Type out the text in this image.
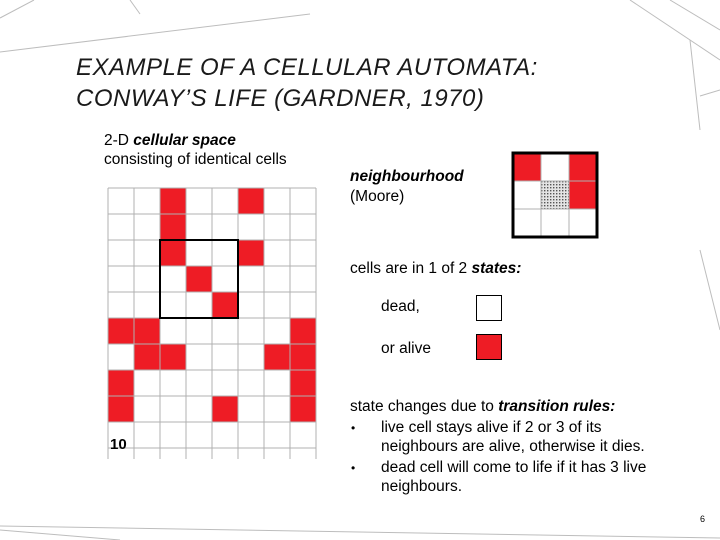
EXAMPLE OF A CELLULAR AUTOMATA:
CONWAY’S LIFE (GARDNER, 1970)
2-D cellular space
consisting of identical cells
10
neighbourhood
(Moore)
cells are in 1 of 2 states:
dead,
or alive
state changes due to transition rules:
• live cell stays alive if 2 or 3 of its
neighbours are alive, otherwise it dies.
• dead cell will come to life if it has 3 live
neighbours.
6
